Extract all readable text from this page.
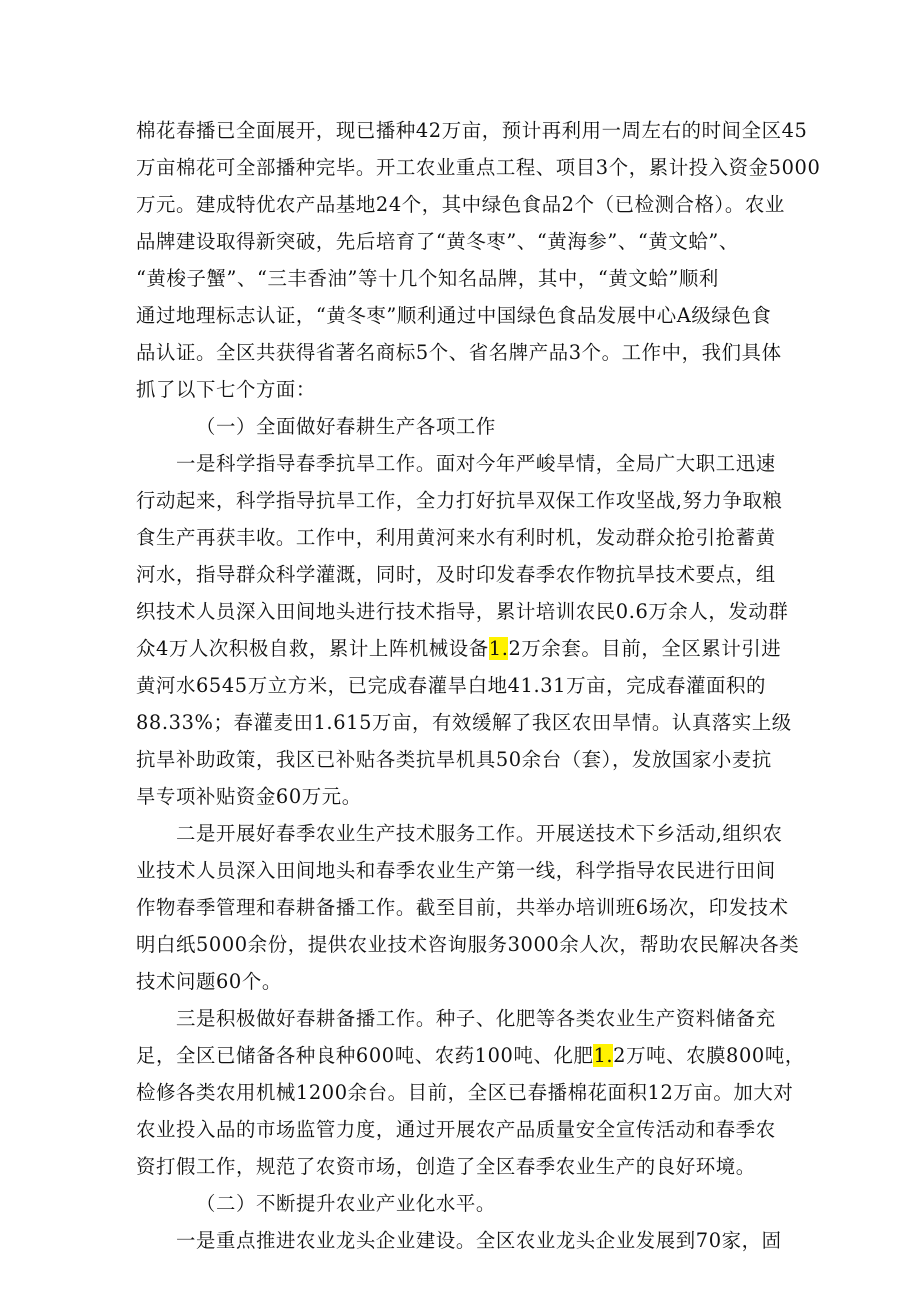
棉花春播已全面展开，现已播种42万亩，预计再利用一周左右的时间全区45
万亩棉花可全部播种完毕。开工农业重点工程、项目3个，累计投入资金5000
万元。建成特优农产品基地24个，其中绿色食品2个（已检测合格）。农业
品牌建设取得新突破，先后培育了“黄冬枣”、“黄海参”、“黄文蛤”、
“黄梭子蟹”、“三丰香油”等十几个知名品牌，其中，“黄文蛤”顺利
通过地理标志认证，“黄冬枣”顺利通过中国绿色食品发展中心A级绿色食
品认证。全区共获得省著名商标5个、省名牌产品3个。工作中，我们具体
抓了以下七个方面：
（一）全面做好春耕生产各项工作
一是科学指导春季抗旱工作。面对今年严峻旱情，全局广大职工迅速
行动起来，科学指导抗旱工作，全力打好抗旱双保工作攻坚战,努力争取粮
食生产再获丰收。工作中，利用黄河来水有利时机，发动群众抢引抢蓄黄
河水，指导群众科学灌溉，同时，及时印发春季农作物抗旱技术要点，组
织技术人员深入田间地头进行技术指导，累计培训农民0.6万余人，发动群
众4万人次积极自救，累计上阵机械设备1.2万余套。目前，全区累计引进
黄河水6545万立方米，已完成春灌旱白地41.31万亩，完成春灌面积的
88.33%；春灌麦田1.615万亩，有效缓解了我区农田旱情。认真落实上级
抗旱补助政策，我区已补贴各类抗旱机具50余台（套），发放国家小麦抗
旱专项补贴资金60万元。
二是开展好春季农业生产技术服务工作。开展送技术下乡活动,组织农
业技术人员深入田间地头和春季农业生产第一线，科学指导农民进行田间
作物春季管理和春耕备播工作。截至目前，共举办培训班6场次，印发技术
明白纸5000余份，提供农业技术咨询服务3000余人次，帮助农民解决各类
技术问题60个。
三是积极做好春耕备播工作。种子、化肥等各类农业生产资料储备充
足，全区已储备各种良种600吨、农药100吨、化肥1.2万吨、农膜800吨，
检修各类农用机械1200余台。目前，全区已春播棉花面积12万亩。加大对
农业投入品的市场监管力度，通过开展农产品质量安全宣传活动和春季农
资打假工作，规范了农资市场，创造了全区春季农业生产的良好环境。
（二）不断提升农业产业化水平。
一是重点推进农业龙头企业建设。全区农业龙头企业发展到70家，固
